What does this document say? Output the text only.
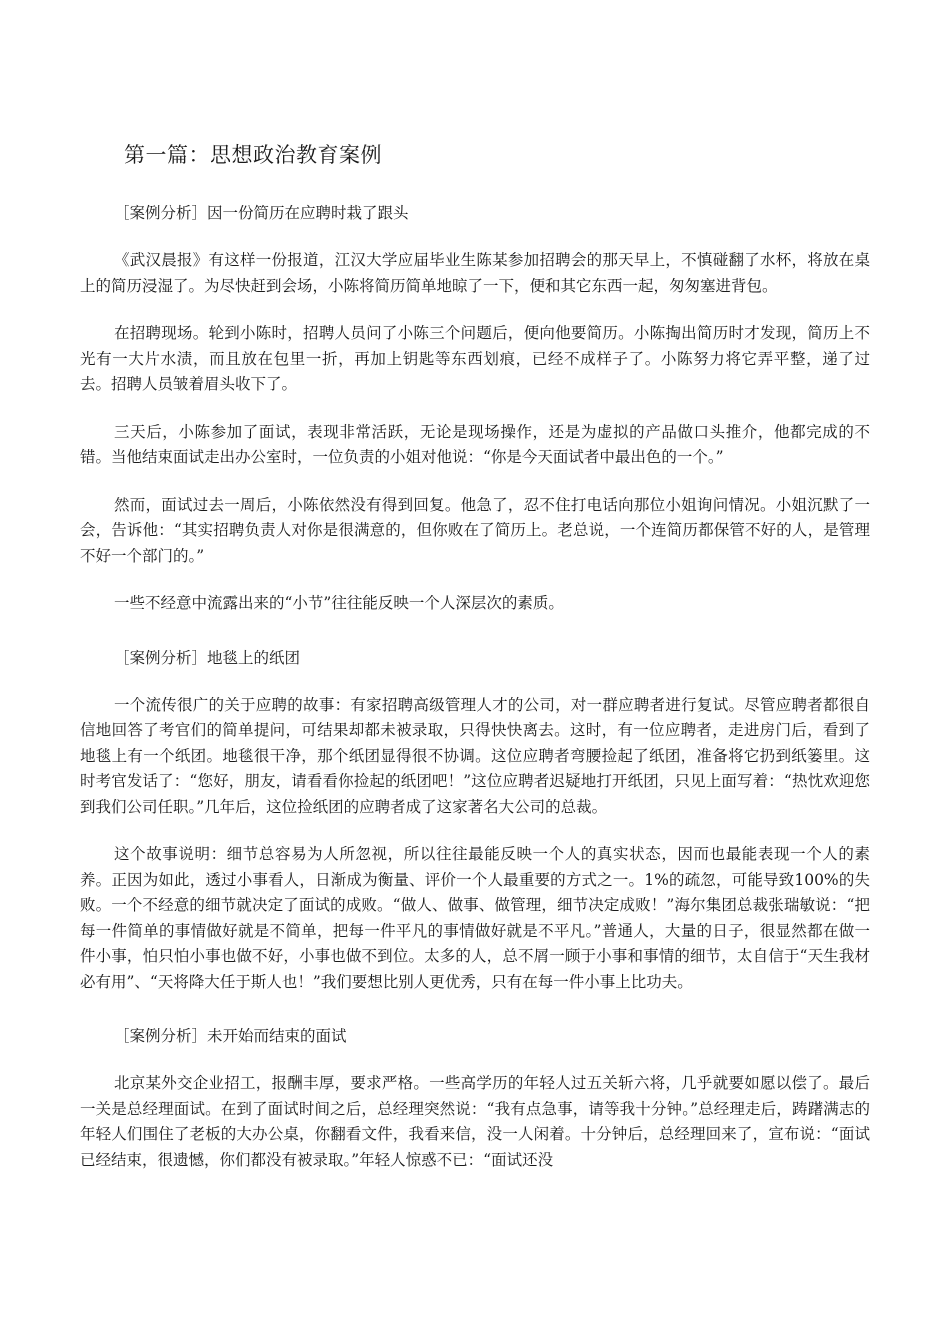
第一篇：思想政治教育案例

［案例分析］因一份简历在应聘时栽了跟头

《武汉晨报》有这样一份报道，江汉大学应届毕业生陈某参加招聘会的那天早上，不慎碰翻了水杯，将放在桌上的简历浸湿了。为尽快赶到会场，小陈将简历简单地晾了一下，便和其它东西一起，匆匆塞进背包。

在招聘现场。轮到小陈时，招聘人员问了小陈三个问题后，便向他要简历。小陈掏出简历时才发现，简历上不光有一大片水渍，而且放在包里一折，再加上钥匙等东西划痕，已经不成样子了。小陈努力将它弄平整，递了过去。招聘人员皱着眉头收下了。

三天后，小陈参加了面试，表现非常活跃，无论是现场操作，还是为虚拟的产品做口头推介，他都完成的不错。当他结束面试走出办公室时，一位负责的小姐对他说：“你是今天面试者中最出色的一个。”

然而，面试过去一周后，小陈依然没有得到回复。他急了，忍不住打电话向那位小姐询问情况。小姐沉默了一会，告诉他：“其实招聘负责人对你是很满意的，但你败在了简历上。老总说，一个连简历都保管不好的人，是管理不好一个部门的。”

一些不经意中流露出来的“小节”往往能反映一个人深层次的素质。

［案例分析］地毯上的纸团

一个流传很广的关于应聘的故事：有家招聘高级管理人才的公司，对一群应聘者进行复试。尽管应聘者都很自信地回答了考官们的简单提问，可结果却都未被录取，只得快快离去。这时，有一位应聘者，走进房门后，看到了地毯上有一个纸团。地毯很干净，那个纸团显得很不协调。这位应聘者弯腰捡起了纸团，准备将它扔到纸篓里。这时考官发话了：“您好，朋友，请看看你捡起的纸团吧！”这位应聘者迟疑地打开纸团，只见上面写着：“热忱欢迎您到我们公司任职。”几年后，这位捡纸团的应聘者成了这家著名大公司的总裁。

这个故事说明：细节总容易为人所忽视，所以往往最能反映一个人的真实状态，因而也最能表现一个人的素养。正因为如此，透过小事看人，日渐成为衡量、评价一个人最重要的方式之一。1%的疏忽，可能导致100%的失败。一个不经意的细节就决定了面试的成败。“做人、做事、做管理，细节决定成败！”海尔集团总裁张瑞敏说：“把每一件简单的事情做好就是不简单，把每一件平凡的事情做好就是不平凡。”普通人，大量的日子，很显然都在做一件小事，怕只怕小事也做不好，小事也做不到位。太多的人，总不屑一顾于小事和事情的细节，太自信于“天生我材必有用”、“天将降大任于斯人也！”我们要想比别人更优秀，只有在每一件小事上比功夫。

［案例分析］未开始而结束的面试

北京某外交企业招工，报酬丰厚，要求严格。一些高学历的年轻人过五关斩六将，几乎就要如愿以偿了。最后一关是总经理面试。在到了面试时间之后，总经理突然说：“我有点急事，请等我十分钟。”总经理走后，踌躇满志的年轻人们围住了老板的大办公桌，你翻看文件，我看来信，没一人闲着。十分钟后，总经理回来了，宣布说：“面试已经结束，很遗憾，你们都没有被录取。”年轻人惊惑不已：“面试还没
